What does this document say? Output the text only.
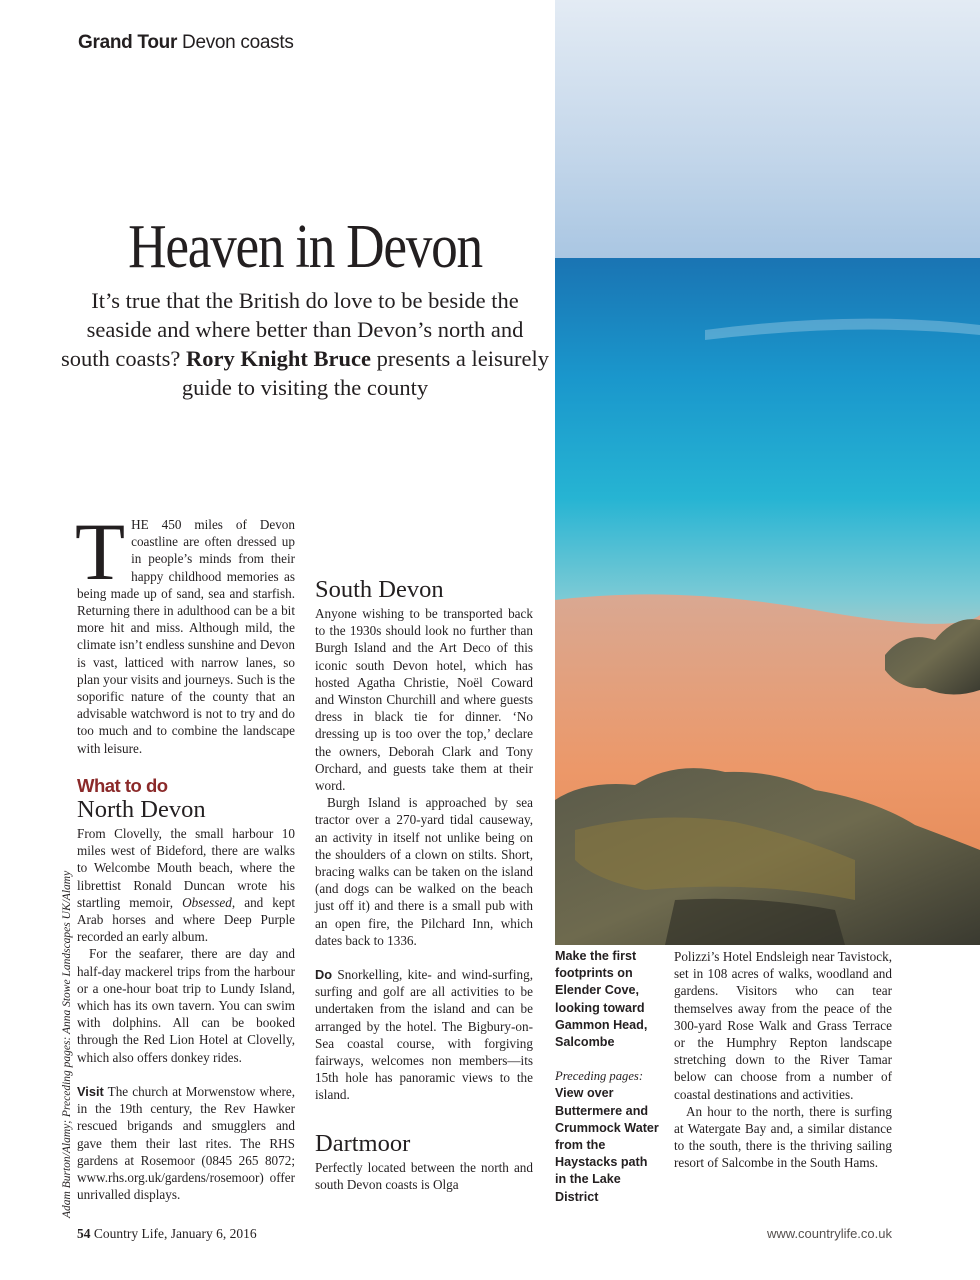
Grand Tour Devon coasts
Heaven in Devon
It’s true that the British do love to be beside the seaside and where better than Devon’s north and south coasts? Rory Knight Bruce presents a leisurely guide to visiting the county

THE 450 miles of Devon coastline are often dressed up in people’s minds from their happy childhood memories as being made up of sand, sea and starfish. Returning there in adulthood can be a bit more hit and miss. Although mild, the climate isn’t endless sunshine and Devon is vast, latticed with narrow lanes, so plan your visits and journeys. Such is the soporific nature of the county that an advisable watchword is not to try and do too much and to combine the landscape with leisure.

What to do
North Devon

From Clovelly, the small harbour 10 miles west of Bideford, there are walks to Welcombe Mouth beach, where the librettist Ronald Duncan wrote his startling memoir, Obsessed, and kept Arab horses and where Deep Purple recorded an early album.

For the seafarer, there are day and half-day mackerel trips from the harbour or a one-hour boat trip to Lundy Island, which has its own tavern. You can swim with dolphins. All can be booked through the Red Lion Hotel at Clovelly, which also offers donkey rides.

Visit The church at Morwenstow where, in the 19th century, the Rev Hawker rescued brigands and smugglers and gave them their last rites. The RHS gardens at Rosemoor (0845 265 8072; www.rhs.org.uk/gardens/rosemoor) offer unrivalled displays.

South Devon

Anyone wishing to be transported back to the 1930s should look no further than Burgh Island and the Art Deco of this iconic south Devon hotel, which has hosted Agatha Christie, Noël Coward and Winston Churchill and where guests dress in black tie for dinner. ‘No dressing up is too over the top,’ declare the owners, Deborah Clark and Tony Orchard, and guests take them at their word.

Burgh Island is approached by sea tractor over a 270-yard tidal causeway, an activity in itself not unlike being on the shoulders of a clown on stilts. Short, bracing walks can be taken on the island (and dogs can be walked on the beach just off it) and there is a small pub with an open fire, the Pilchard Inn, which dates back to 1336.

Do Snorkelling, kite- and wind-surfing, surfing and golf are all activities to be undertaken from the island and can be arranged by the hotel. The Bigbury-on-Sea coastal course, with forgiving fairways, welcomes non members—its 15th hole has panoramic views to the island.

Dartmoor

Perfectly located between the north and south Devon coasts is Olga

Polizzi’s Hotel Endsleigh near Tavistock, set in 108 acres of walks, woodland and gardens. Visitors who can tear themselves away from the peace of the 300-yard Rose Walk and Grass Terrace or the Humphry Repton landscape stretching down to the River Tamar below can choose from a number of coastal destinations and activities.

An hour to the north, there is surfing at Watergate Bay and, a similar distance to the south, there is the thriving sailing resort of Salcombe in the South Hams.

Make the first footprints on Elender Cove, looking toward Gammon Head, Salcombe
Preceding pages:
View over Buttermere and Crummock Water from the Haystacks path in the Lake District
Adam Burton/Alamy; Preceding pages: Anna Stowe Landscapes UK/Alamy
54 Country Life, January 6, 2016	www.countrylife.co.uk
